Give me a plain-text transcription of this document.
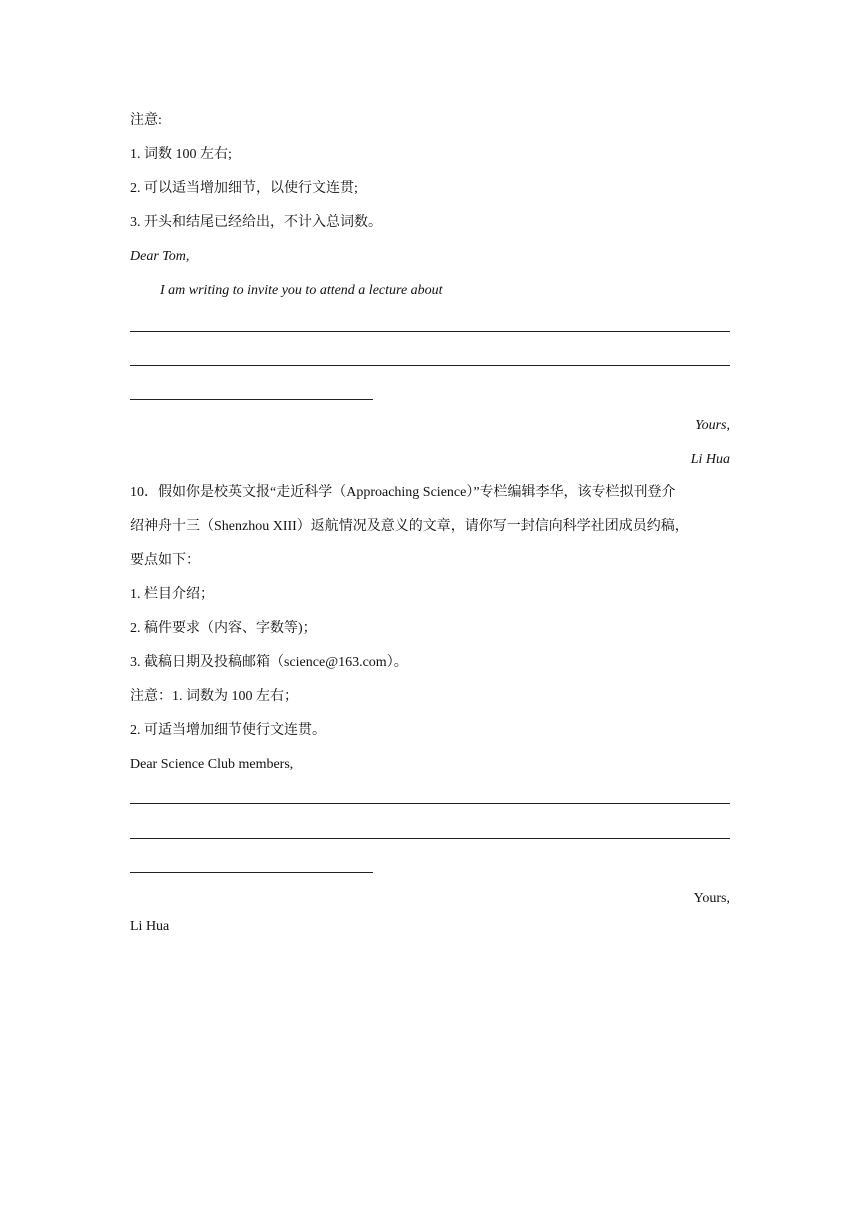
注意:
1. 词数 100 左右;
2. 可以适当增加细节，以使行文连贯;
3. 开头和结尾已经给出，不计入总词数。
Dear Tom,
I am writing to invite you to attend a lecture about
Yours,
Li Hua
10．假如你是校英文报“走近科学（Approaching Science）”专栏编辑李华，该专栏拟刊登介
绍神舟十三（Shenzhou XIII）返航情况及意义的文章，请你写一封信向科学社团成员约稿，
要点如下：
1. 栏目介绍；
2. 稿件要求（内容、字数等)；
3. 截稿日期及投稿邮箱（science@163.com）。
注意：1. 词数为 100 左右；
2. 可适当增加细节使行文连贯。
Dear Science Club members,
Yours,
Li Hua
